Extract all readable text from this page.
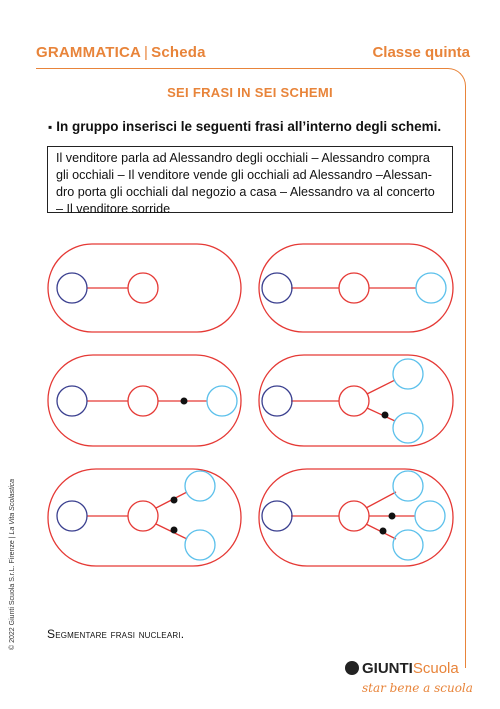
GRAMMATICA | Scheda	Classe quinta
SEI FRASI IN SEI SCHEMI
▪ In gruppo inserisci le seguenti frasi all’interno degli schemi.
Il venditore parla ad Alessandro degli occhiali – Alessandro compra
gli occhiali – Il venditore vende gli occhiali ad Alessandro –Alessan-
dro porta gli occhiali dal negozio a casa – Alessandro va al concerto
– Il venditore sorride
Segmentare frasi nucleari.
© 2022 Giunti Scuola S.r.L. Firenze | La Vita Scolastica
GIUNTIScuola
star bene a scuola
